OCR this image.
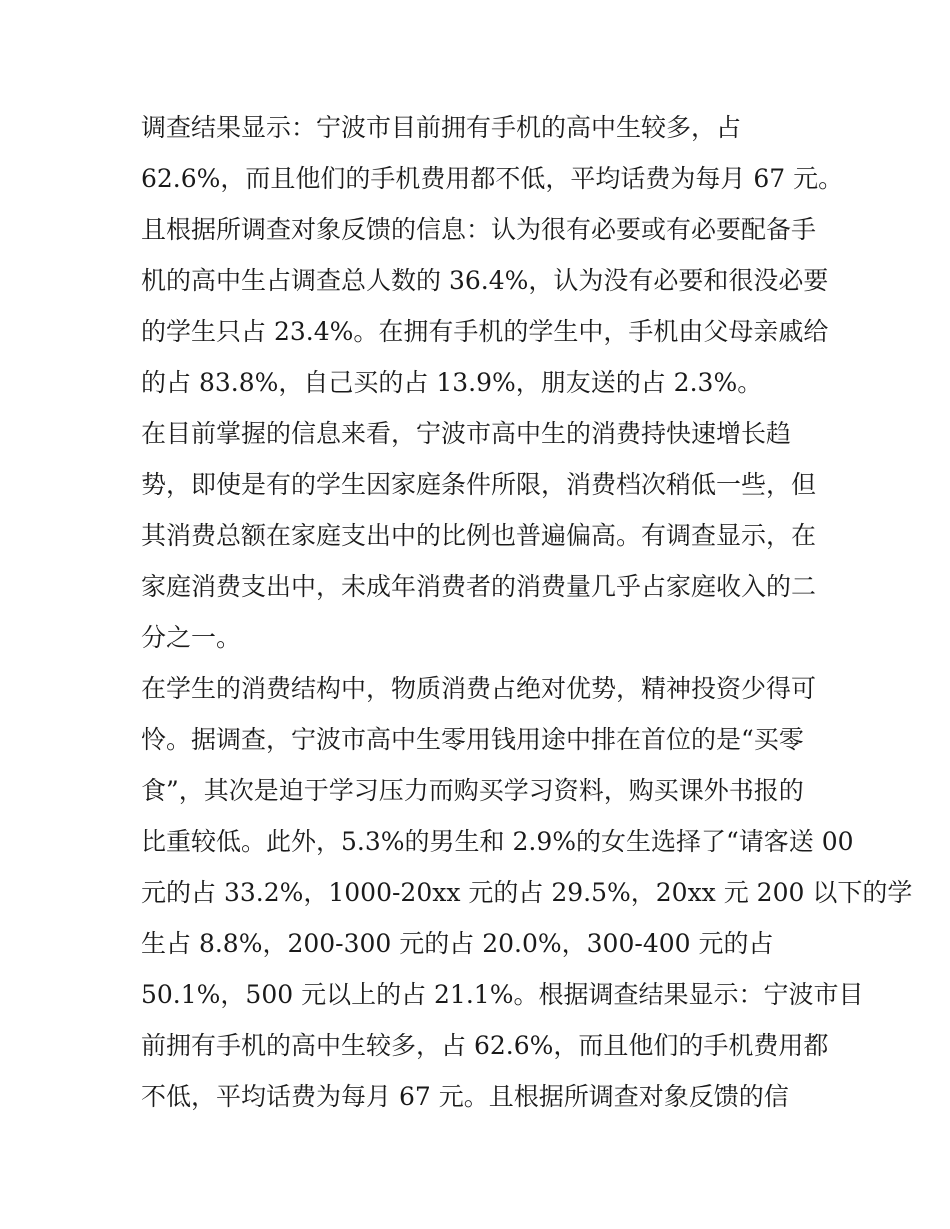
调查结果显示：宁波市目前拥有手机的高中生较多，占
62.6%，而且他们的手机费用都不低，平均话费为每月 67 元。
且根据所调查对象反馈的信息：认为很有必要或有必要配备手
机的高中生占调查总人数的 36.4%，认为没有必要和很没必要
的学生只占 23.4%。在拥有手机的学生中，手机由父母亲戚给
的占 83.8%，自己买的占 13.9%，朋友送的占 2.3%。
在目前掌握的信息来看，宁波市高中生的消费持快速增长趋
势，即使是有的学生因家庭条件所限，消费档次稍低一些，但
其消费总额在家庭支出中的比例也普遍偏高。有调查显示，在
家庭消费支出中，未成年消费者的消费量几乎占家庭收入的二
分之一。
在学生的消费结构中，物质消费占绝对优势，精神投资少得可
怜。据调查，宁波市高中生零用钱用途中排在首位的是“买零
食”，其次是迫于学习压力而购买学习资料，购买课外书报的
比重较低。此外，5.3%的男生和 2.9%的女生选择了“请客送 00
元的占 33.2%，1000-20xx 元的占 29.5%，20xx 元 200 以下的学
生占 8.8%，200-300 元的占 20.0%，300-400 元的占
50.1%，500 元以上的占 21.1%。根据调查结果显示：宁波市目
前拥有手机的高中生较多，占 62.6%，而且他们的手机费用都
不低，平均话费为每月 67 元。且根据所调查对象反馈的信
